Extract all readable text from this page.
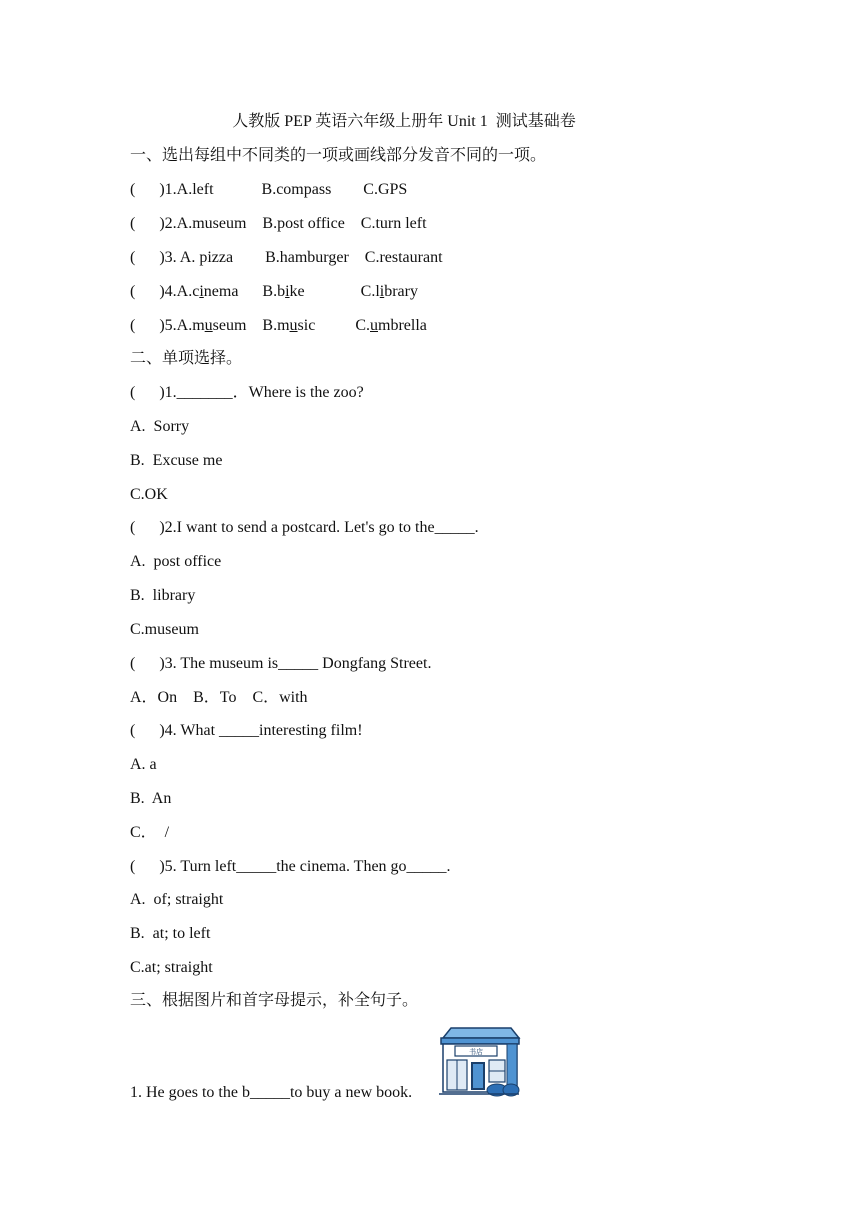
人教版 PEP 英语六年级上册年 Unit 1  测试基础卷
一、选出每组中不同类的一项或画线部分发音不同的一项。
(      )1.A.left            B.compass        C.GPS
(      )2.A.museum    B.post office    C.turn left
(      )3. A. pizza        B.hamburger    C.restaurant
(      )4.A.cinema      B.bike              C.library
(      )5.A.museum    B.music          C.umbrella
二、单项选择。
(      )1._______．Where is the zoo?
A.  Sorry
B.  Excuse me
C.OK
(      )2.I want to send a postcard. Let's go to the_____.
A.  post office
B.  library
C.museum
(      )3. The museum is_____ Dongfang Street.
A．On    B．To    C．with
(      )4. What _____interesting film!
A. a
B.  An
C．  /
(      )5. Turn left_____the cinema. Then go_____.
A.  of; straight
B.  at; to left
C.at; straight
三、根据图片和首字母提示，补全句子。
1. He goes to the b_____to buy a new book.
书店
